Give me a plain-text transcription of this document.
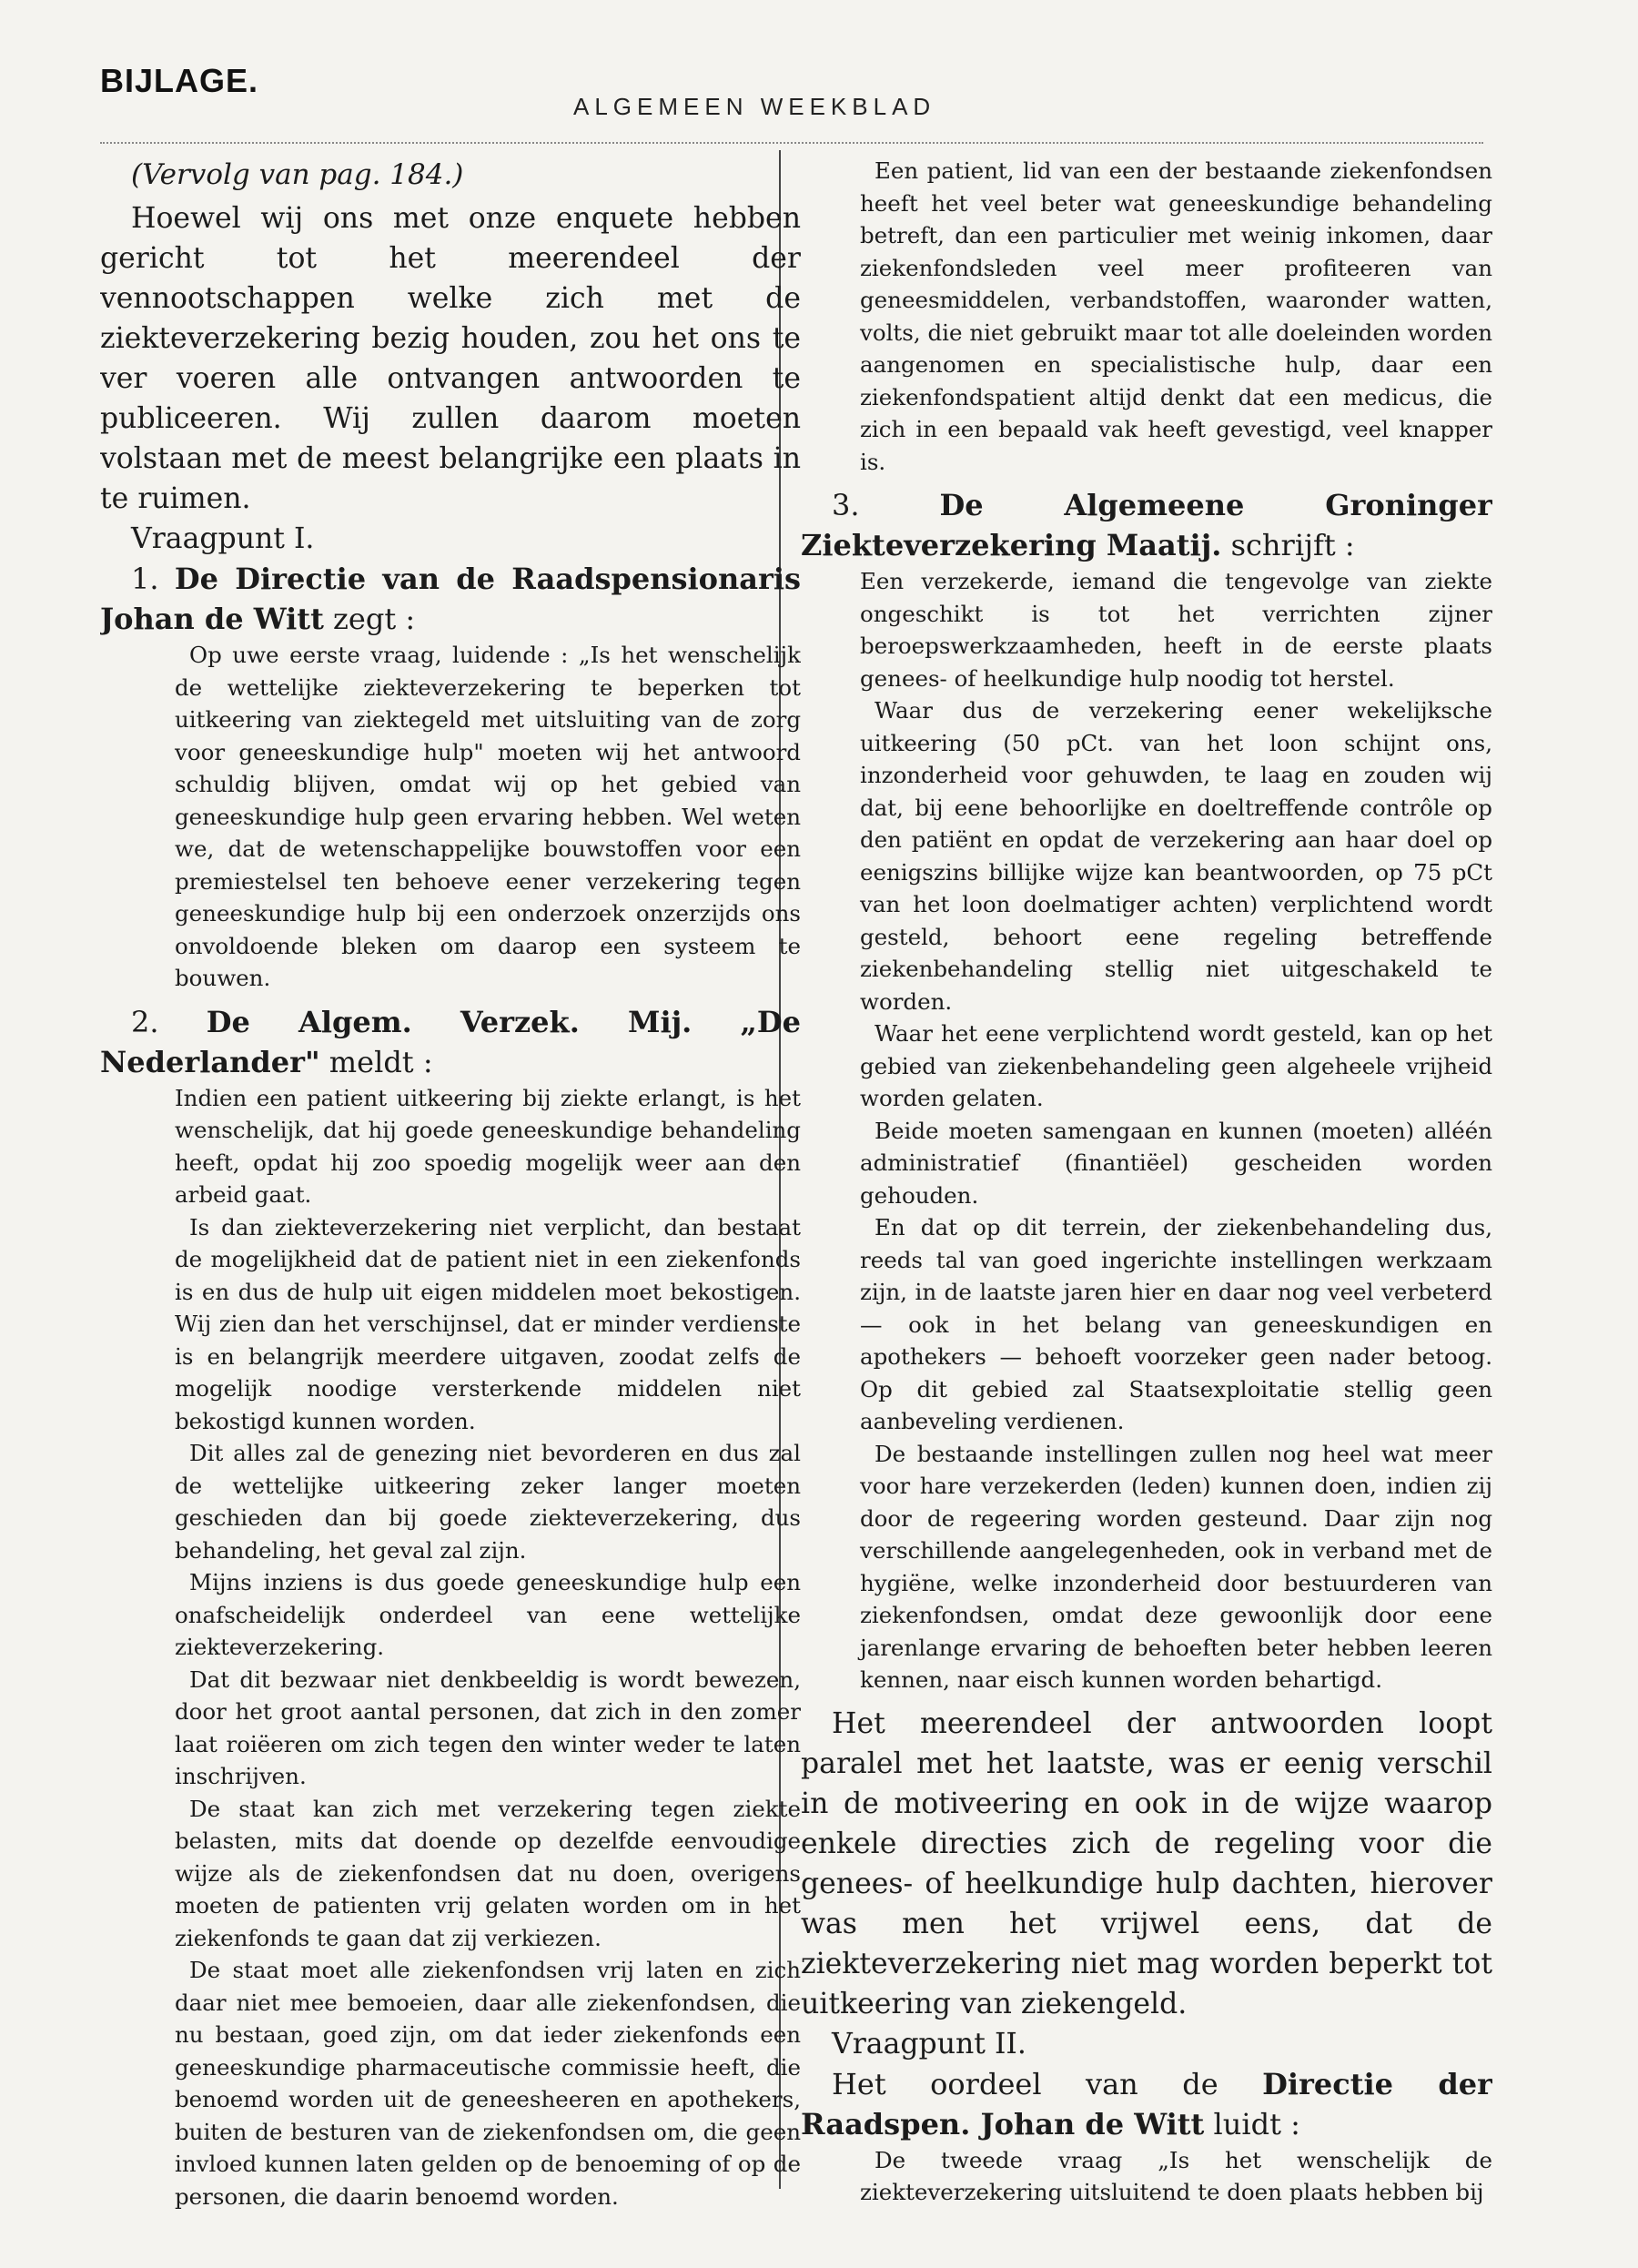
BIJLAGE.
ALGEMEEN WEEKBLAD

(Vervolg van pag. 184.)

Hoewel wij ons met onze enquete hebben gericht tot het meerendeel der vennootschappen welke zich met de ziekteverzekering bezig houden, zou het ons te ver voeren alle ontvangen antwoorden te publiceeren. Wij zullen daarom moeten volstaan met de meest belangrijke een plaats in te ruimen.

Vraagpunt I.

1. De Directie van de Raadspensionaris Johan de Witt zegt :

Op uwe eerste vraag, luidende : „Is het wenschelijk de wettelijke ziekteverzekering te beperken tot uitkeering van ziektegeld met uitsluiting van de zorg voor geneeskundige hulp" moeten wij het antwoord schuldig blijven, omdat wij op het gebied van geneeskundige hulp geen ervaring hebben. Wel weten we, dat de wetenschappelijke bouwstoffen voor een premiestelsel ten behoeve eener verzekering tegen geneeskundige hulp bij een onderzoek onzerzijds ons onvoldoende bleken om daarop een systeem te bouwen.

2. De Algem. Verzek. Mij. „De Nederlander" meldt :

Indien een patient uitkeering bij ziekte erlangt, is het wenschelijk, dat hij goede geneeskundige behandeling heeft, opdat hij zoo spoedig mogelijk weer aan den arbeid gaat.

Is dan ziekteverzekering niet verplicht, dan bestaat de mogelijkheid dat de patient niet in een ziekenfonds is en dus de hulp uit eigen middelen moet bekostigen. Wij zien dan het verschijnsel, dat er minder verdienste is en belangrijk meerdere uitgaven, zoodat zelfs de mogelijk noodige versterkende middelen niet bekostigd kunnen worden.

Dit alles zal de genezing niet bevorderen en dus zal de wettelijke uitkeering zeker langer moeten geschieden dan bij goede ziekteverzekering, dus behandeling, het geval zal zijn.

Mijns inziens is dus goede geneeskundige hulp een onafscheidelijk onderdeel van eene wettelijke ziekteverzekering.

Dat dit bezwaar niet denkbeeldig is wordt bewezen, door het groot aantal personen, dat zich in den zomer laat roiëeren om zich tegen den winter weder te laten inschrijven.

De staat kan zich met verzekering tegen ziekte belasten, mits dat doende op dezelfde eenvoudige wijze als de ziekenfondsen dat nu doen, overigens moeten de patienten vrij gelaten worden om in het ziekenfonds te gaan dat zij verkiezen.

De staat moet alle ziekenfondsen vrij laten en zich daar niet mee bemoeien, daar alle ziekenfondsen, die nu bestaan, goed zijn, om dat ieder ziekenfonds een geneeskundige pharmaceutische commissie heeft, die benoemd worden uit de geneesheeren en apothekers, buiten de besturen van de ziekenfondsen om, die geen invloed kunnen laten gelden op de benoeming of op de personen, die daarin benoemd worden.

Een patient, lid van een der bestaande ziekenfondsen heeft het veel beter wat geneeskundige behandeling betreft, dan een particulier met weinig inkomen, daar ziekenfondsleden veel meer profiteeren van geneesmiddelen, verbandstoffen, waaronder watten, volts, die niet gebruikt maar tot alle doeleinden worden aangenomen en specialistische hulp, daar een ziekenfondspatient altijd denkt dat een medicus, die zich in een bepaald vak heeft gevestigd, veel knapper is.

3.	De Algemeene Groninger Ziekteverzekering Maatij. schrijft :

Een verzekerde, iemand die tengevolge van ziekte ongeschikt is tot het verrichten zijner beroepswerkzaamheden, heeft in de eerste plaats genees- of heelkundige hulp noodig tot herstel.

Waar dus de verzekering eener wekelijksche uitkeering (50 pCt. van het loon schijnt ons, inzonderheid voor gehuwden, te laag en zouden wij dat, bij eene behoorlijke en doeltreffende contrôle op den patiënt en opdat de verzekering aan haar doel op eenigszins billijke wijze kan beantwoorden, op 75 pCt van het loon doelmatiger achten) verplichtend wordt gesteld, behoort eene regeling betreffende ziekenbehandeling stellig niet uitgeschakeld te worden.

Waar het eene verplichtend wordt gesteld, kan op het gebied van ziekenbehandeling geen algeheele vrijheid worden gelaten.

Beide moeten samengaan en kunnen (moeten) alléén administratief (finantiëel) gescheiden worden gehouden.

En dat op dit terrein, der ziekenbehandeling dus, reeds tal van goed ingerichte instellingen werkzaam zijn, in de laatste jaren hier en daar nog veel verbeterd — ook in het belang van geneeskundigen en apothekers — behoeft voorzeker geen nader betoog. Op dit gebied zal Staatsexploitatie stellig geen aanbeveling verdienen.

De bestaande instellingen zullen nog heel wat meer voor hare verzekerden (leden) kunnen doen, indien zij door de regeering worden gesteund. Daar zijn nog verschillende aangelegenheden, ook in verband met de hygiëne, welke inzonderheid door bestuurderen van ziekenfondsen, omdat deze gewoonlijk door eene jarenlange ervaring de behoeften beter hebben leeren kennen, naar eisch kunnen worden behartigd.

Het meerendeel der antwoorden loopt paralel met het laatste, was er eenig verschil in de motiveering en ook in de wijze waarop enkele directies zich de regeling voor die genees- of heelkundige hulp dachten, hierover was men het vrijwel eens, dat de ziekteverzekering niet mag worden beperkt tot uitkeering van ziekengeld.

Vraagpunt II.

Het oordeel van de Directie der Raadspen. Johan de Witt luidt :

De tweede vraag „Is het wenschelijk de ziekteverzekering uitsluitend te doen plaats hebben bij
